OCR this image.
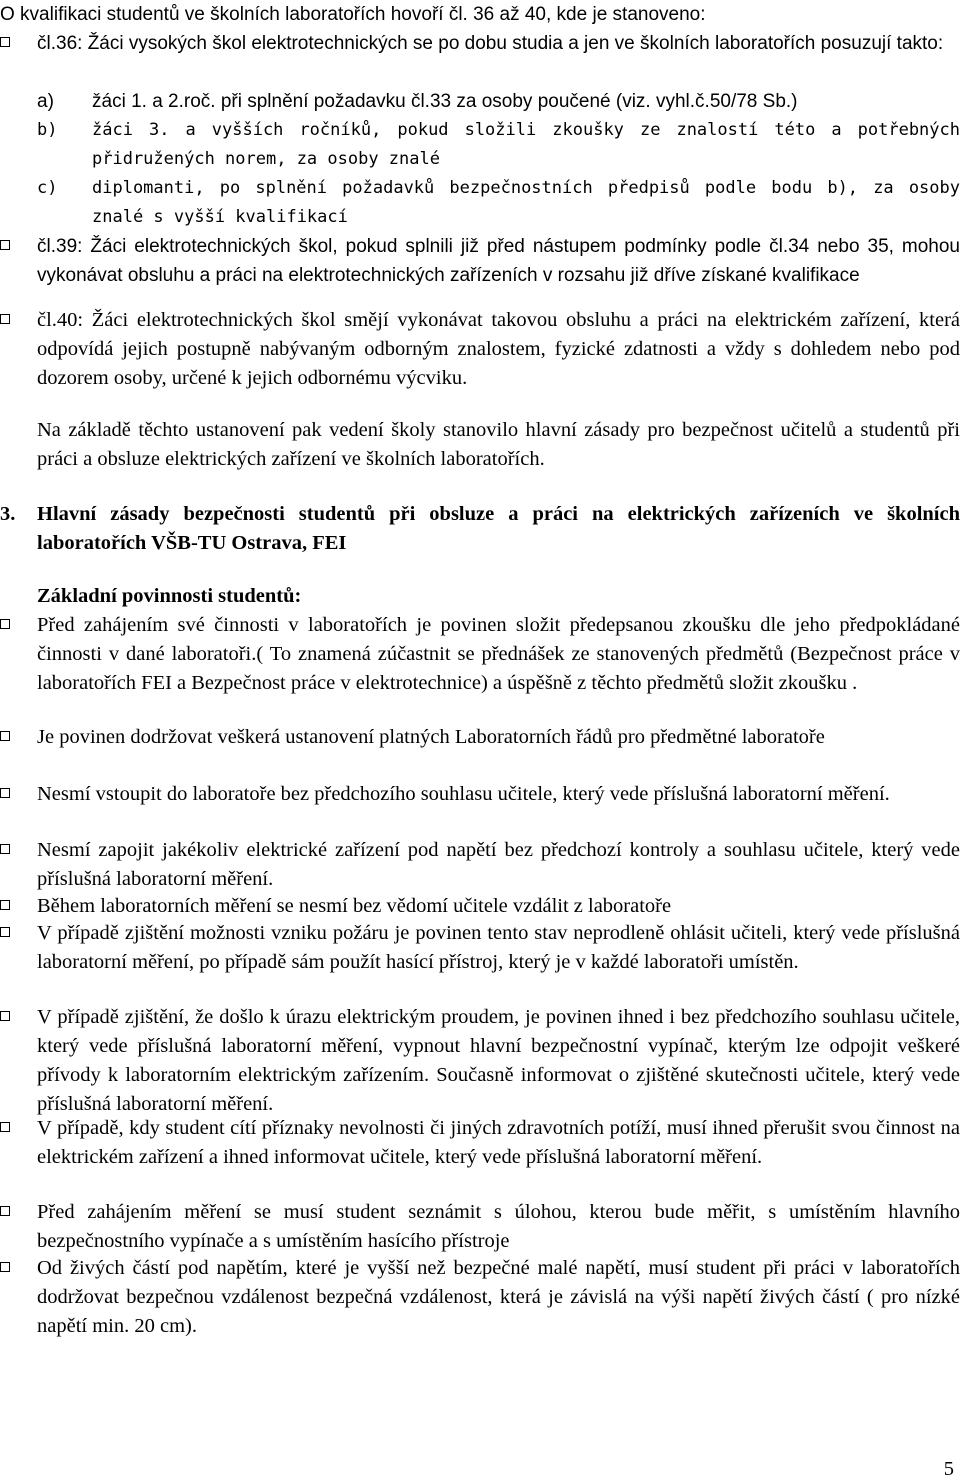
O kvalifikaci studentů ve školních laboratořích hovoří čl. 36 až 40, kde je stanoveno:

čl.36: Žáci vysokých škol elektrotechnických se po dobu studia a jen ve školních laboratořích posuzují takto:

a) žáci 1. a 2.roč. při splnění požadavku čl.33 za osoby poučené (viz. vyhl.č.50/78 Sb.)

b) žáci 3. a vyšších ročníků, pokud složili zkoušky ze znalostí této a potřebných přidružených norem, za osoby znalé

c) diplomanti, po splnění požadavků bezpečnostních předpisů podle bodu b), za osoby znalé s vyšší kvalifikací

čl.39: Žáci elektrotechnických škol, pokud splnili již před nástupem podmínky podle čl.34 nebo 35, mohou vykonávat obsluhu a práci na elektrotechnických zařízeních v rozsahu již dříve získané kvalifikace

čl.40: Žáci elektrotechnických škol smějí vykonávat takovou obsluhu a práci na elektrickém zařízení, která odpovídá jejich postupně nabývaným odborným znalostem, fyzické zdatnosti a vždy s dohledem nebo pod dozorem osoby, určené k jejich odbornému výcviku.

Na základě těchto ustanovení pak vedení školy stanovilo hlavní zásady pro bezpečnost učitelů a studentů při práci a obsluze elektrických zařízení ve školních laboratořích.

3. Hlavní zásady bezpečnosti studentů při obsluze a práci na elektrických zařízeních ve školních laboratořích VŠB-TU Ostrava, FEI

Základní povinnosti studentů:

Před zahájením své činnosti v laboratořích je povinen složit předepsanou zkoušku dle jeho předpokládané činnosti v dané laboratoři.( To znamená zúčastnit se přednášek ze stanovených předmětů (Bezpečnost práce v laboratořích FEI a Bezpečnost práce v elektrotechnice) a úspěšně z těchto předmětů složit zkoušku .

Je povinen dodržovat veškerá ustanovení platných Laboratorních řádů pro předmětné laboratoře

Nesmí vstoupit do laboratoře bez předchozího souhlasu učitele, který vede příslušná laboratorní měření.

Nesmí zapojit jakékoliv elektrické zařízení pod napětí bez předchozí kontroly a souhlasu učitele, který vede příslušná laboratorní měření.

Během laboratorních měření se nesmí bez vědomí učitele vzdálit z laboratoře

V případě zjištění možnosti vzniku požáru je povinen tento stav neprodleně ohlásit učiteli, který vede příslušná laboratorní měření, po případě sám použít hasící přístroj, který je v každé laboratoři umístěn.

V případě zjištění, že došlo k úrazu elektrickým proudem, je povinen ihned i bez předchozího souhlasu učitele, který vede příslušná laboratorní měření, vypnout hlavní bezpečnostní vypínač, kterým lze odpojit veškeré přívody k laboratorním elektrickým zařízením. Současně informovat o zjištěné skutečnosti učitele, který vede příslušná laboratorní měření.

V případě, kdy student cítí příznaky nevolnosti či jiných zdravotních potíží, musí ihned přerušit svou činnost na elektrickém zařízení a ihned informovat učitele, který vede příslušná laboratorní měření.

Před zahájením měření se musí student seznámit s úlohou, kterou bude měřit, s umístěním hlavního bezpečnostního vypínače a s umístěním hasícího přístroje

Od živých částí pod napětím, které je vyšší než bezpečné malé napětí, musí student při práci v laboratořích dodržovat bezpečnou vzdálenost bezpečná vzdálenost, která je závislá na výši napětí živých částí ( pro nízké napětí min. 20 cm).

5
